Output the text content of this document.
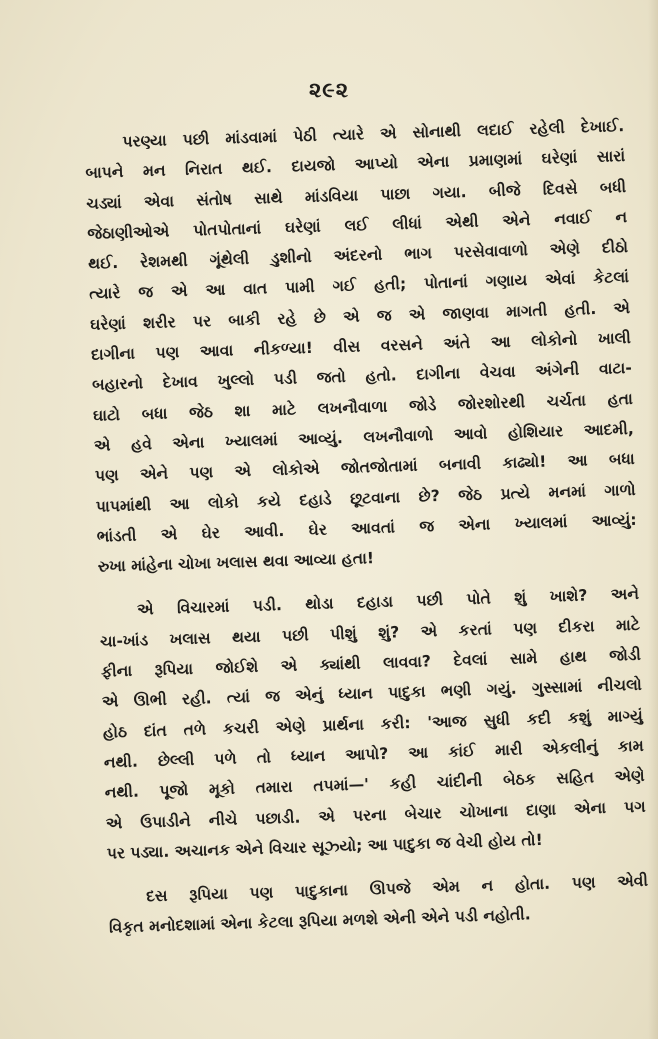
૨૯૨
પરણ્યા પછી માંડવામાં પેઠી ત્યારે એ સોનાથી લદાઈ રહેલી દેખાઈ.
બાપને મન નિરાત થઈ. દાયજો આપ્યો એના પ્રમાણમાં ઘરેણાં સારાં
ચડ્યાં એવા સંતોષ સાથે માંડવિયા પાછા ગયા. બીજે દિવસે બધી
જેઠાણીઓએ પોતપોતાનાં ઘરેણાં લઈ લીધાં એથી એને નવાઈ ન
થઈ. રેશમથી ગૂંથેલી ડુશીનો અંદરનો ભાગ પરસેવાવાળો એણે દીઠો
ત્યારે જ એ આ વાત પામી ગઈ હતી; પોતાનાં ગણાય એવાં કેટલાં
ઘરેણાં શરીર પર બાકી રહે છે એ જ એ જાણવા માગતી હતી. એ
દાગીના પણ આવા નીકળ્યા! વીસ વરસને અંતે આ લોકોનો ખાલી
બહારનો દેખાવ ખુલ્લો પડી જતો હતો. દાગીના વેચવા અંગેની વાટા-
ઘાટો બધા જેઠ શા માટે લખનૌવાળા જોડે જોરશોરથી ચર્ચતા હતા
એ હવે એના ખ્યાલમાં આવ્યું. લખનૌવાળો આવો હોશિયાર આદમી,
પણ એને પણ એ લોકોએ જોતજોતામાં બનાવી કાઢ્યો! આ બધા
પાપમાંથી આ લોકો કયે દહાડે છૂટવાના છે? જેઠ પ્રત્યે મનમાં ગાળો
ભાંડતી એ ઘેર આવી. ઘેર આવતાં જ એના ખ્યાલમાં આવ્યું:
રુખા માંહેના ચોખા ખલાસ થવા આવ્યા હતા!
એ વિચારમાં પડી. થોડા દહાડા પછી પોતે શું ખાશે? અને
ચા-ખાંડ ખલાસ થયા પછી પીશું શું? એ કરતાં પણ દીકરા માટે
ફીના રૂપિયા જોઈશે એ ક્યાંથી લાવવા? દેવલાં સામે હાથ જોડી
એ ઊભી રહી. ત્યાં જ એનું ધ્યાન પાદુકા ભણી ગયું. ગુસ્સામાં નીચલો
હોઠ દાંત તળે કચરી એણે પ્રાર્થના કરી: 'આજ સુધી કદી કશું માગ્યું
નથી. છેલ્લી પળે તો ધ્યાન આપો? આ કાંઈ મારી એકલીનું કામ
નથી. પૂજો મૂકો તમારા તપમાં—' કહી ચાંદીની બેઠક સહિત એણે
એ ઉપાડીને નીચે પછાડી. એ પરના બેચાર ચોખાના દાણા એના પગ
પર પડ્યા. અચાનક એને વિચાર સૂઝ્યો; આ પાદુકા જ વેચી હોય તો!
દસ રૂપિયા પણ પાદુકાના ઊપજે એમ ન હોતા. પણ એવી
વિકૃત મનોદશામાં એના કેટલા રૂપિયા મળશે એની એને પડી નહોતી.
